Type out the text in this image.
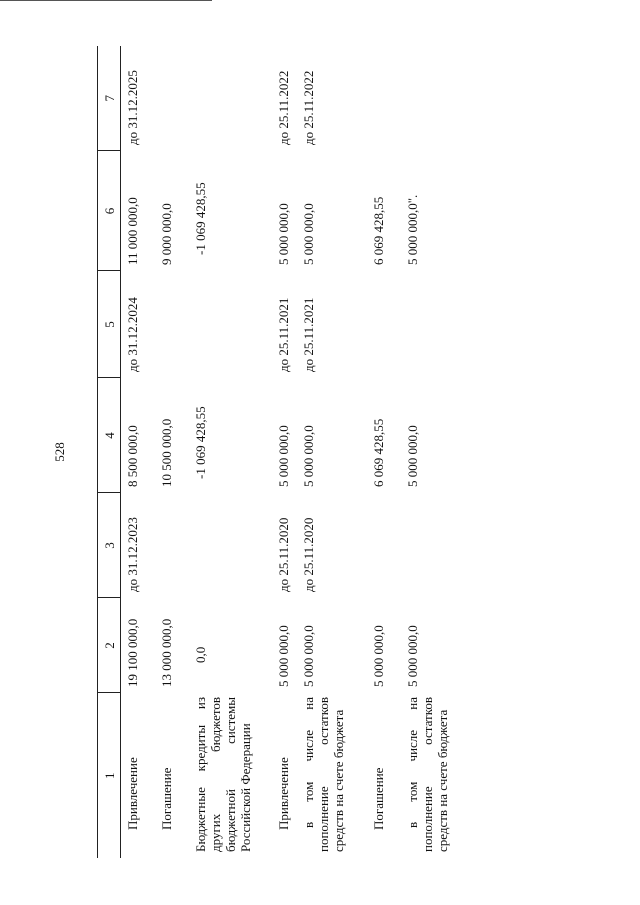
528
1	2	3	4	5	6	7

Привлечение	19 100 000,0	до 31.12.2023	8 500 000,0	до 31.12.2024	11 000 000,0	до 31.12.2025

Погашение	13 000 000,0		10 500 000,0		9 000 000,0	

Бюджетные кредиты из других бюджетов бюджетной системы Российской Федерации	0,0		-1 069 428,55		-1 069 428,55	

Привлечение	5 000 000,0	до 25.11.2020	5 000 000,0	до 25.11.2021	5 000 000,0	до 25.11.2022

в том числе на пополнение остатков средств на счете бюджета	5 000 000,0	до 25.11.2020	5 000 000,0	до 25.11.2021	5 000 000,0	до 25.11.2022

Погашение	5 000 000,0		6 069 428,55		6 069 428,55	

в том числе на пополнение остатков средств на счете бюджета	5 000 000,0		5 000 000,0		5 000 000,0".	
